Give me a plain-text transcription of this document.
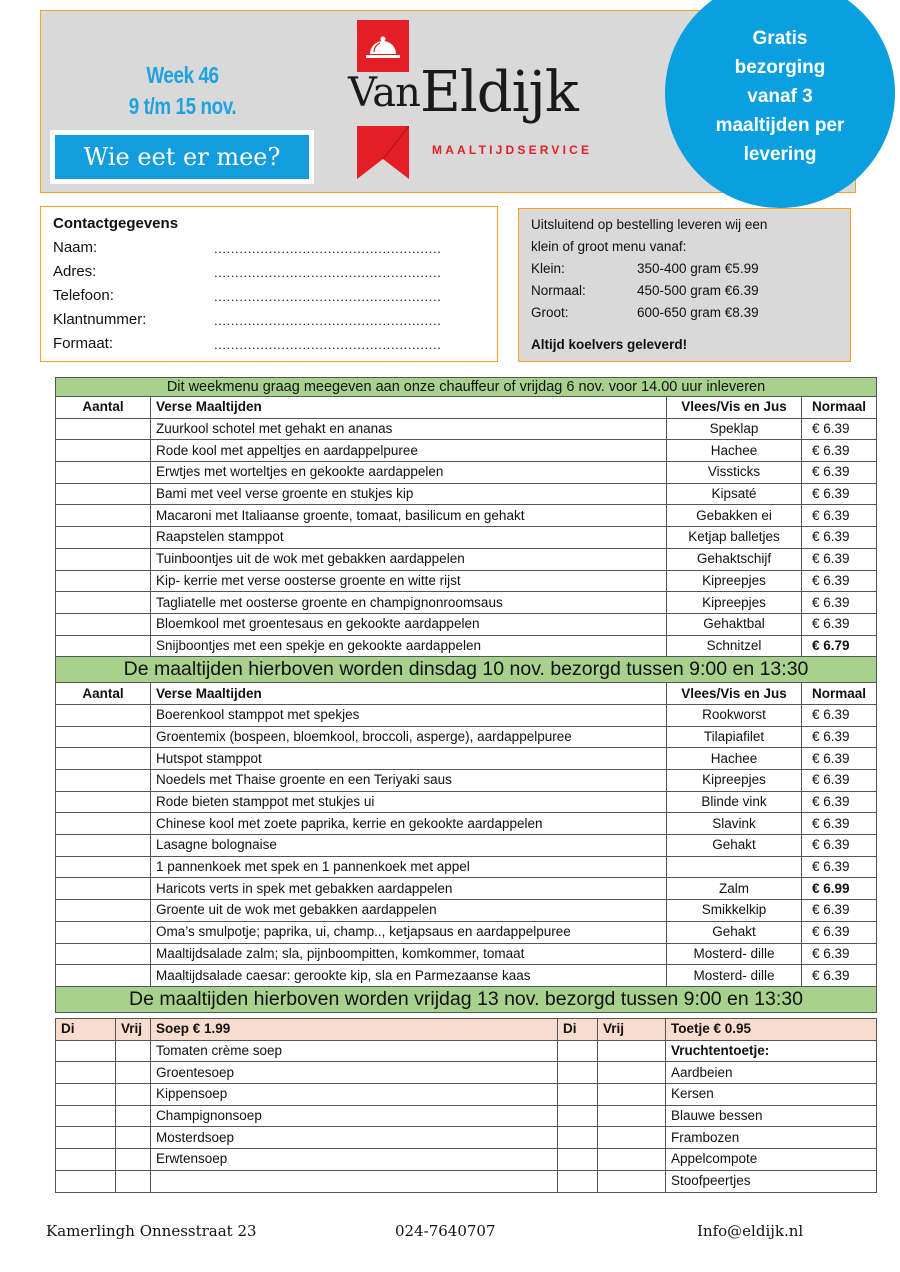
Week 46
9 t/m 15 nov.
Wie eet er mee?
Van Eldijk
MAALTIJDSERVICE
Gratis
bezorging
vanaf 3
maaltijden per
levering
Contactgegevens
Naam:	......................................................
Adres:	......................................................
Telefoon:	......................................................
Klantnummer:	......................................................
Formaat:	......................................................
Uitsluitend op bestelling leveren wij een
klein of groot menu vanaf:
Klein:	350-400 gram €5.99
Normaal:	450-500 gram €6.39
Groot:	600-650 gram €8.39
Altijd koelvers geleverd!
Dit weekmenu graag meegeven aan onze chauffeur of vrijdag 6 nov. voor 14.00 uur inleveren			
Aantal	Verse Maaltijden	Vlees/Vis en Jus	Normaal
	Zuurkool schotel met gehakt en ananas	Speklap	€ 6.39
	Rode kool met appeltjes en aardappelpuree	Hachee	€ 6.39
	Erwtjes met worteltjes en gekookte aardappelen	Vissticks	€ 6.39
	Bami met veel verse groente en stukjes kip	Kipsaté	€ 6.39
	Macaroni met Italiaanse groente, tomaat, basilicum en gehakt	Gebakken ei	€ 6.39
	Raapstelen stamppot	Ketjap balletjes	€ 6.39
	Tuinboontjes uit de wok met gebakken aardappelen	Gehaktschijf	€ 6.39
	Kip- kerrie met verse oosterse groente en witte rijst	Kipreepjes	€ 6.39
	Tagliatelle met oosterse groente en champignonroomsaus	Kipreepjes	€ 6.39
	Bloemkool met groentesaus en gekookte aardappelen	Gehaktbal	€ 6.39
	Snijboontjes met een spekje en gekookte aardappelen	Schnitzel	€ 6.79
De maaltijden hierboven worden dinsdag 10 nov. bezorgd tussen 9:00 en 13:30			
Aantal	Verse Maaltijden	Vlees/Vis en Jus	Normaal
	Boerenkool stamppot met spekjes	Rookworst	€ 6.39
	Groentemix (bospeen, bloemkool, broccoli, asperge), aardappelpuree	Tilapiafilet	€ 6.39
	Hutspot stamppot	Hachee	€ 6.39
	Noedels met Thaise groente en een Teriyaki saus	Kipreepjes	€ 6.39
	Rode bieten stamppot met stukjes ui	Blinde vink	€ 6.39
	Chinese kool met zoete paprika, kerrie en gekookte aardappelen	Slavink	€ 6.39
	Lasagne bolognaise	Gehakt	€ 6.39
	1 pannenkoek met spek en 1 pannenkoek met appel		€ 6.39
	Haricots verts in spek met gebakken aardappelen	Zalm	€ 6.99
	Groente uit de wok met gebakken aardappelen	Smikkelkip	€ 6.39
	Oma’s smulpotje; paprika, ui, champ.., ketjapsaus en aardappelpuree	Gehakt	€ 6.39
	Maaltijdsalade zalm; sla, pijnboompitten, komkommer, tomaat	Mosterd- dille	€ 6.39
	Maaltijdsalade caesar: gerookte kip, sla en Parmezaanse kaas	Mosterd- dille	€ 6.39
De maaltijden hierboven worden vrijdag 13 nov. bezorgd tussen 9:00 en 13:30			
Di	Vrij	Soep € 1.99	Di	Vrij	Toetje € 0.95
		Tomaten crème soep			Vruchtentoetje:
		Groentesoep			Aardbeien
		Kippensoep			Kersen
		Champignonsoep			Blauwe bessen
		Mosterdsoep			Frambozen
		Erwtensoep			Appelcompote
					Stoofpeertjes
Kamerlingh Onnesstraat 23	024-7640707	Info@eldijk.nl
